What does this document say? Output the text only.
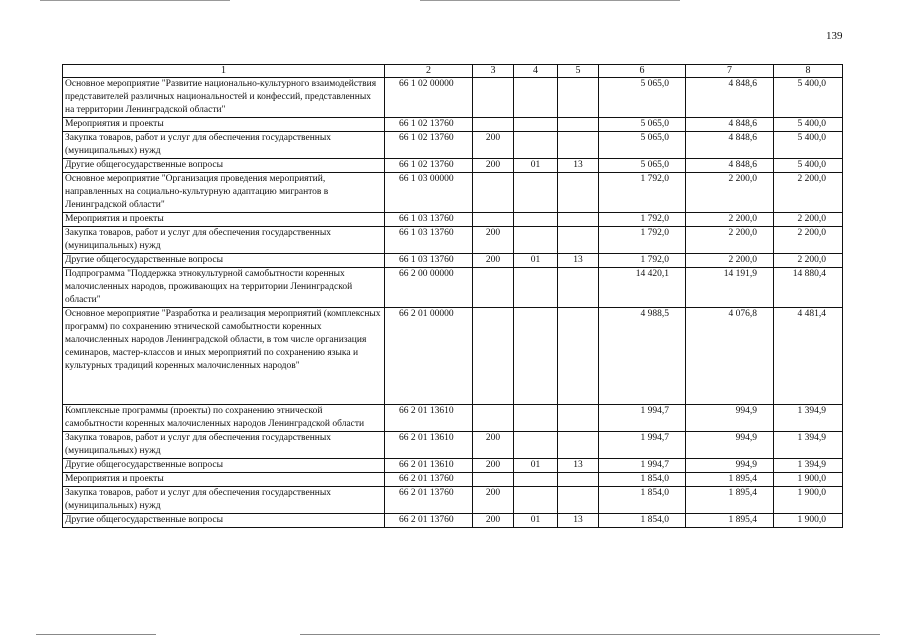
139
1	2	3	4	5	6	7	8
Основное мероприятие "Развитие национально-культурного взаимодействия представителей различных национальностей и конфессий, представленных на территории Ленинградской области"	66 1 02 00000				5 065,0	4 848,6	5 400,0
Мероприятия и проекты	66 1 02 13760				5 065,0	4 848,6	5 400,0
Закупка товаров, работ и услуг для обеспечения государственных (муниципальных) нужд	66 1 02 13760	200			5 065,0	4 848,6	5 400,0
Другие общегосударственные вопросы	66 1 02 13760	200	01	13	5 065,0	4 848,6	5 400,0
Основное мероприятие "Организация проведения мероприятий, направленных на социально-культурную адаптацию мигрантов в Ленинградской области"	66 1 03 00000				1 792,0	2 200,0	2 200,0
Мероприятия и проекты	66 1 03 13760				1 792,0	2 200,0	2 200,0
Закупка товаров, работ и услуг для обеспечения государственных (муниципальных) нужд	66 1 03 13760	200			1 792,0	2 200,0	2 200,0
Другие общегосударственные вопросы	66 1 03 13760	200	01	13	1 792,0	2 200,0	2 200,0
Подпрограмма "Поддержка этнокультурной самобытности коренных малочисленных народов, проживающих на территории Ленинградской области"	66 2 00 00000				14 420,1	14 191,9	14 880,4
Основное мероприятие "Разработка и реализация мероприятий (комплексных программ) по сохранению этнической самобытности коренных малочисленных народов Ленинградской области, в том числе организация семинаров, мастер-классов и иных мероприятий по сохранению языка и культурных традиций коренных малочисленных народов"	66 2 01 00000				4 988,5	4 076,8	4 481,4
Комплексные программы (проекты) по сохранению этнической самобытности коренных малочисленных народов Ленинградской области	66 2 01 13610				1 994,7	994,9	1 394,9
Закупка товаров, работ и услуг для обеспечения государственных (муниципальных) нужд	66 2 01 13610	200			1 994,7	994,9	1 394,9
Другие общегосударственные вопросы	66 2 01 13610	200	01	13	1 994,7	994,9	1 394,9
Мероприятия и проекты	66 2 01 13760				1 854,0	1 895,4	1 900,0
Закупка товаров, работ и услуг для обеспечения государственных (муниципальных) нужд	66 2 01 13760	200			1 854,0	1 895,4	1 900,0
Другие общегосударственные вопросы	66 2 01 13760	200	01	13	1 854,0	1 895,4	1 900,0
